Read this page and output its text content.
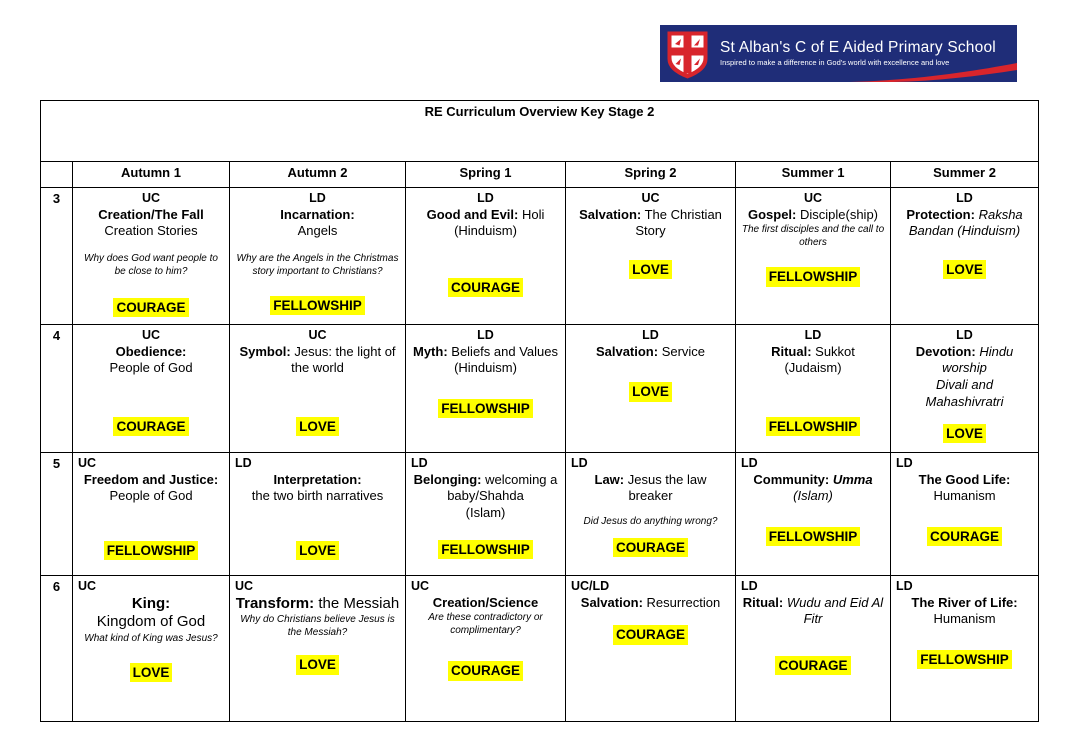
St Alban's C of E Aided Primary School
Inspired to make a difference in God's world with excellence and love
RE Curriculum Overview Key Stage 2						
	Autumn 1	Autumn 2	Spring 1	Spring 2	Summer 1	Summer 2
3	UC
Creation/The Fall
Creation Stories
Why does God want people to be close to him?
COURAGE

LD
Incarnation:
Angels
Why are the Angels in the Christmas story important to Christians?
FELLOWSHIP

LD
Good and Evil: Holi
(Hinduism)
COURAGE

UC
Salvation: The Christian Story
LOVE

UC
Gospel: Disciple(ship)
The first disciples and the call to others
FELLOWSHIP

LD
Protection: Raksha Bandan (Hinduism)
LOVE

4	UC
Obedience:
People of God
COURAGE

UC
Symbol: Jesus: the light of the world
LOVE

LD
Myth: Beliefs and Values (Hinduism)
FELLOWSHIP

LD
Salvation: Service
LOVE

LD
Ritual: Sukkot (Judaism)
FELLOWSHIP

LD
Devotion: Hindu worship
Divali and Mahashivratri
LOVE

5	UC
Freedom and Justice:
People of God
FELLOWSHIP

LD
Interpretation:
the two birth narratives
LOVE

LD
Belonging: welcoming a baby/Shahda
(Islam)
FELLOWSHIP

LD
Law: Jesus the law breaker
Did Jesus do anything wrong?
COURAGE

LD
Community: Umma
(Islam)
FELLOWSHIP

LD
The Good Life:
Humanism
COURAGE

6	UC
King:
Kingdom of God
What kind of King was Jesus?
LOVE

UC
Transform: the Messiah
Why do Christians believe Jesus is the Messiah?
LOVE

UC
Creation/Science
Are these contradictory or complimentary?
COURAGE

UC/LD
Salvation: Resurrection
COURAGE

LD
Ritual: Wudu and Eid Al Fitr
COURAGE

LD
The River of Life:
Humanism
FELLOWSHIP
